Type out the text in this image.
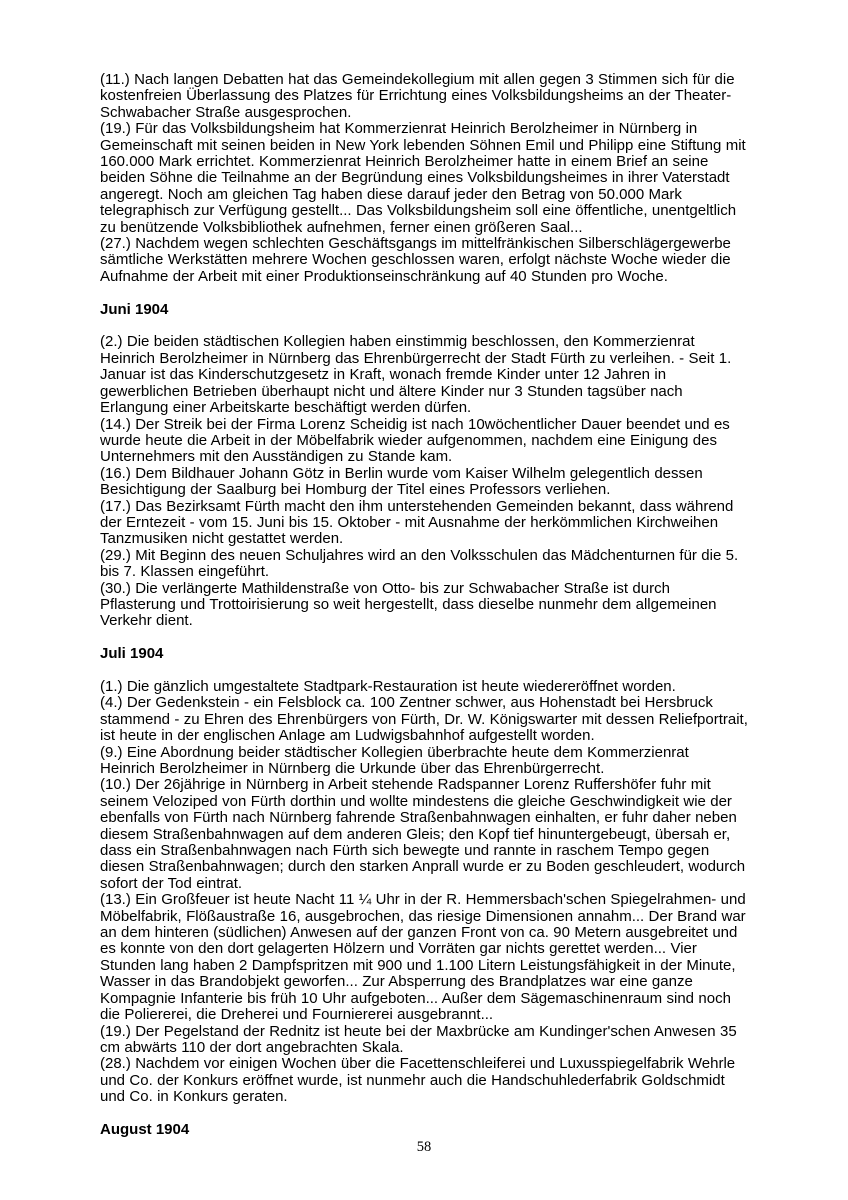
(11.) Nach langen Debatten hat das Gemeindekollegium mit allen gegen 3 Stimmen sich für die kostenfreien Überlassung des Platzes für Errichtung eines Volksbildungsheims an der Theater- Schwabacher Straße ausgesprochen.

(19.) Für das Volksbildungsheim hat Kommerzienrat Heinrich Berolzheimer in Nürnberg in Gemeinschaft mit seinen beiden in New York lebenden Söhnen Emil und Philipp eine Stiftung mit 160.000 Mark errichtet. Kommerzienrat Heinrich Berolzheimer hatte in einem Brief an seine beiden Söhne die Teilnahme an der Begründung eines Volksbildungsheimes in ihrer Vaterstadt angeregt. Noch am gleichen Tag haben diese darauf jeder den Betrag von 50.000 Mark telegraphisch zur Verfügung gestellt... Das Volksbildungsheim soll eine öffentliche, unentgeltlich zu benützende Volksbibliothek aufnehmen, ferner einen größeren Saal...

(27.) Nachdem wegen schlechten Geschäftsgangs im mittelfränkischen Silberschlägergewerbe sämtliche Werkstätten mehrere Wochen geschlossen waren, erfolgt nächste Woche wieder die Aufnahme der Arbeit mit einer Produktionseinschränkung auf 40 Stunden pro Woche.

Juni 1904

(2.) Die beiden städtischen Kollegien haben einstimmig beschlossen, den Kommerzienrat Heinrich Berolzheimer in Nürnberg das Ehrenbürgerrecht der Stadt Fürth zu verleihen. - Seit 1. Januar ist das Kinderschutzgesetz in Kraft, wonach fremde Kinder unter 12 Jahren in gewerblichen Betrieben überhaupt nicht und ältere Kinder nur 3 Stunden tagsüber nach Erlangung einer Arbeitskarte beschäftigt werden dürfen.

(14.) Der Streik bei der Firma Lorenz Scheidig ist nach 10wöchentlicher Dauer beendet und es wurde heute die Arbeit in der Möbelfabrik wieder aufgenommen, nachdem eine Einigung des Unternehmers mit den Ausständigen zu Stande kam.

(16.) Dem Bildhauer Johann Götz in Berlin wurde vom Kaiser Wilhelm gelegentlich dessen Besichtigung der Saalburg bei Homburg der Titel eines Professors verliehen.

(17.) Das Bezirksamt Fürth macht den ihm unterstehenden Gemeinden bekannt, dass während der Erntezeit - vom 15. Juni bis 15. Oktober - mit Ausnahme der herkömmlichen Kirchweihen Tanzmusiken nicht gestattet werden.

(29.) Mit Beginn des neuen Schuljahres wird an den Volksschulen das Mädchenturnen für die 5. bis 7. Klassen eingeführt.

(30.) Die verlängerte Mathildenstraße von Otto- bis zur Schwabacher Straße ist durch Pflasterung und Trottoirisierung so weit hergestellt, dass dieselbe nunmehr dem allgemeinen Verkehr dient.

Juli 1904

(1.) Die gänzlich umgestaltete Stadtpark-Restauration ist heute wiedereröffnet worden.

(4.) Der Gedenkstein - ein Felsblock ca. 100 Zentner schwer, aus Hohenstadt bei Hersbruck stammend - zu Ehren des Ehrenbürgers von Fürth, Dr. W. Königswarter mit dessen Reliefportrait, ist heute in der englischen Anlage am Ludwigsbahnhof aufgestellt worden.

(9.) Eine Abordnung beider städtischer Kollegien überbrachte heute dem Kommerzienrat Heinrich Berolzheimer in Nürnberg die Urkunde über das Ehrenbürgerrecht.

(10.) Der 26jährige in Nürnberg in Arbeit stehende Radspanner Lorenz Ruffershöfer fuhr mit seinem Veloziped von Fürth dorthin und wollte mindestens die gleiche Geschwindigkeit wie der ebenfalls von Fürth nach Nürnberg fahrende Straßenbahnwagen einhalten, er fuhr daher neben diesem Straßenbahnwagen auf dem anderen Gleis; den Kopf tief hinuntergebeugt, übersah er, dass ein Straßenbahnwagen nach Fürth sich bewegte und rannte in raschem Tempo gegen diesen Straßenbahnwagen; durch den starken Anprall wurde er zu Boden geschleudert, wodurch sofort der Tod eintrat.

(13.) Ein Großfeuer ist heute Nacht 11 ¼ Uhr in der R. Hemmersbach'schen Spiegelrahmen- und Möbelfabrik, Flößaustraße 16, ausgebrochen, das riesige Dimensionen annahm... Der Brand war an dem hinteren (südlichen) Anwesen auf der ganzen Front von ca. 90 Metern ausgebreitet und es konnte von den dort gelagerten Hölzern und Vorräten gar nichts gerettet werden... Vier Stunden lang haben 2 Dampfspritzen mit 900 und 1.100 Litern Leistungsfähigkeit in der Minute, Wasser in das Brandobjekt geworfen... Zur Absperrung des Brandplatzes war eine ganze Kompagnie Infanterie bis früh 10 Uhr aufgeboten... Außer dem Sägemaschinenraum sind noch die Poliererei, die Dreherei und Fourniererei ausgebrannt...

(19.) Der Pegelstand der Rednitz ist heute bei der Maxbrücke am Kundinger'schen Anwesen 35 cm abwärts 110 der dort angebrachten Skala.

(28.) Nachdem vor einigen Wochen über die Facettenschleiferei und Luxusspiegelfabrik Wehrle und Co. der Konkurs eröffnet wurde, ist nunmehr auch die Handschuhlederfabrik Goldschmidt und Co. in Konkurs geraten.

August 1904
58
